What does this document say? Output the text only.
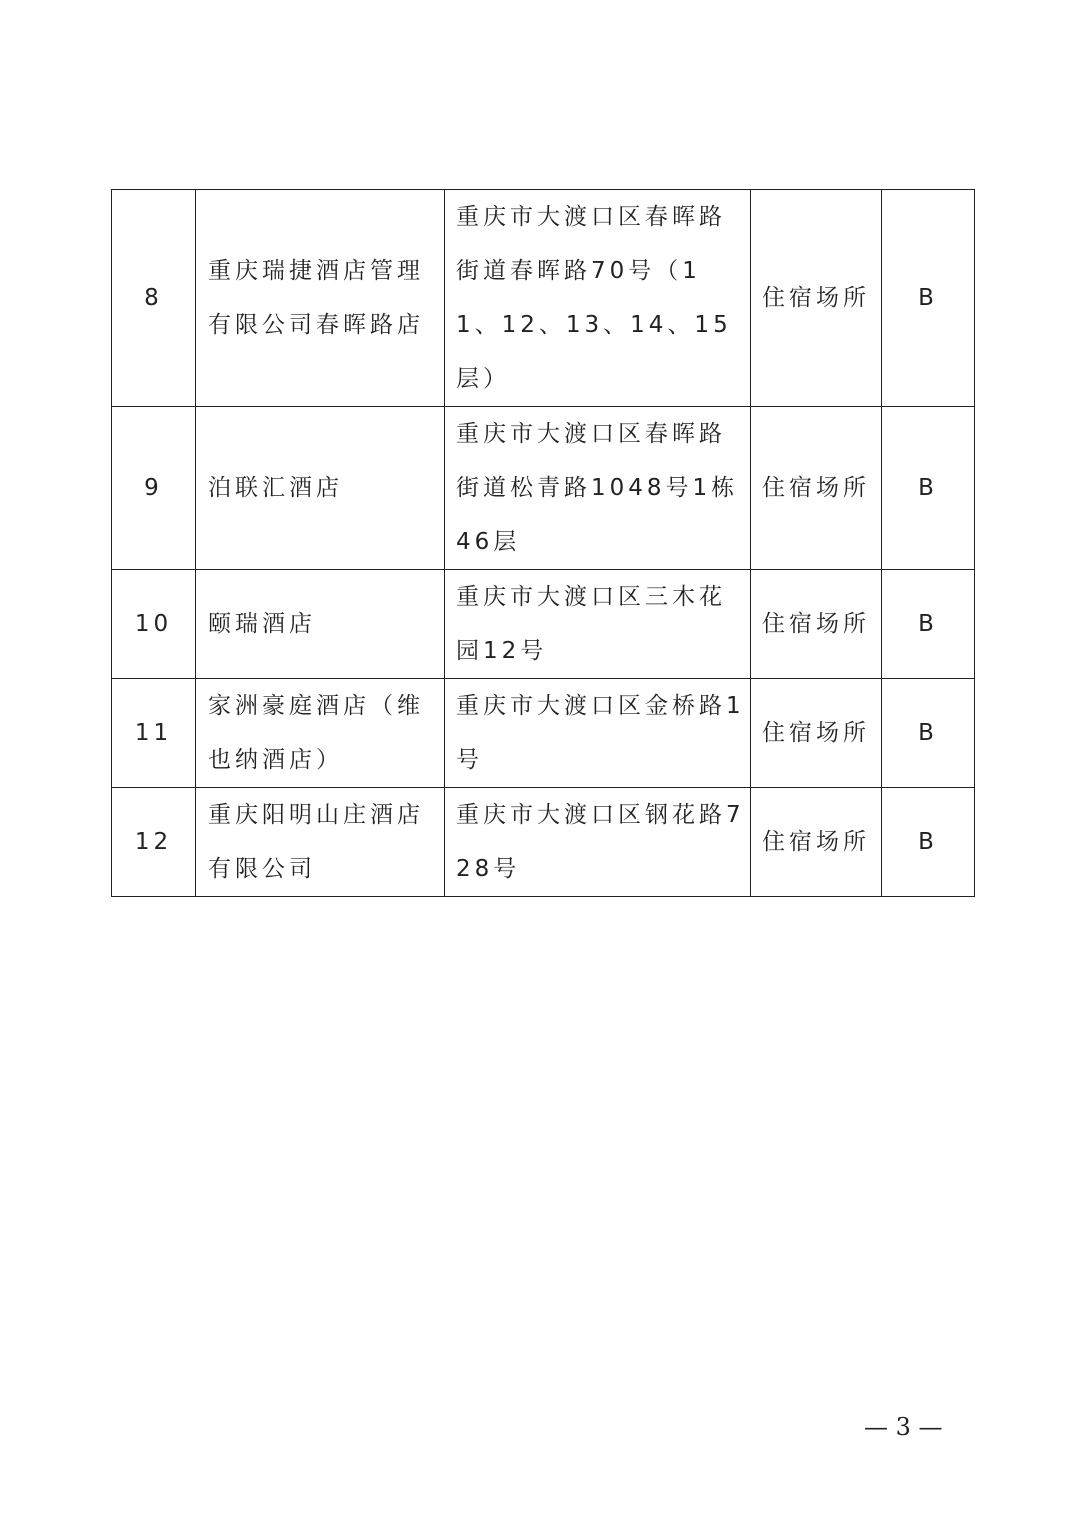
8	重庆瑞捷酒店管理有限公司春晖路店	重庆市大渡口区春晖路街道春晖路70号（11、12、13、14、15层）	住宿场所	B
9	泊联汇酒店	重庆市大渡口区春晖路街道松青路1048号1栋46层	住宿场所	B
10	颐瑞酒店	重庆市大渡口区三木花园12号	住宿场所	B
11	家洲豪庭酒店（维也纳酒店）	重庆市大渡口区金桥路1号	住宿场所	B
12	重庆阳明山庄酒店有限公司	重庆市大渡口区钢花路728号	住宿场所	B
— 3 —
